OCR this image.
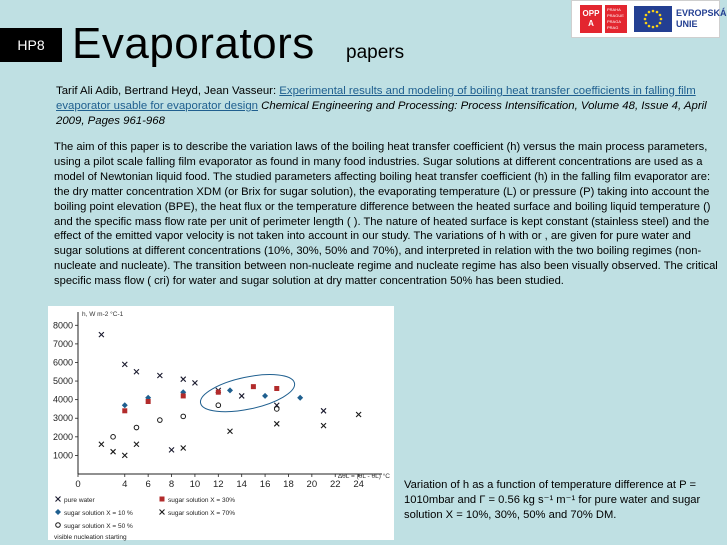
HP8 Evaporators papers
OPP
A
PRAHA PRAGUE PRAGA PRAG
EVROPSKÁ
UNIE
Tarif Ali Adib, Bertrand Heyd, Jean Vasseur: Experimental results and modeling of boiling heat transfer coefficients in falling film evaporator usable for evaporator design Chemical Engineering and Processing: Process Intensification, Volume 48, Issue 4, April 2009, Pages 961-968
The aim of this paper is to describe the variation laws of the boiling heat transfer coefficient (h) versus the main process parameters, using a pilot scale falling film evaporator as found in many food industries. Sugar solutions at different concentrations are used as a model of Newtonian liquid food. The studied parameters affecting boiling heat transfer coefficient (h) in the falling film evaporator are: the dry matter concentration XDM (or Brix for sugar solution), the evaporating temperature (L) or pressure (P) taking into account the boiling point elevation (BPE), the heat flux or the temperature difference between the heated surface and boiling liquid temperature () and the specific mass flow rate per unit of perimeter length ( ). The nature of heated surface is kept constant (stainless steel) and the effect of the emitted vapor velocity is not taken into account in our study. The variations of h with or , are given for pure water and sugar solutions at different concentrations (10%, 30%, 50% and 70%), and interpreted in relation with the two boiling regimes (non-nucleate and nucleate). The transition between non-nucleate regime and nucleate regime has also been visually observed. The critical specific mass flow ( cri) for water and sugar solution at dry matter concentration 50% has been studied.
h, W m-2 °C-1
ΔθL = (θL - θL) °C
1000
2000
3000
4000
5000
6000
7000
8000
0	4 6 8 10 12 14 16 18 20 22 24
pure water
sugar solution X = 10 %
sugar solution X = 30%
sugar solution X = 50 %
sugar solution X = 70%
visible nucleation starting
Variation of h as a function of temperature difference at P = 1010mbar and Γ = 0.56 kg s⁻¹ m⁻¹ for pure water and sugar solution X = 10%, 30%, 50% and 70% DM.
